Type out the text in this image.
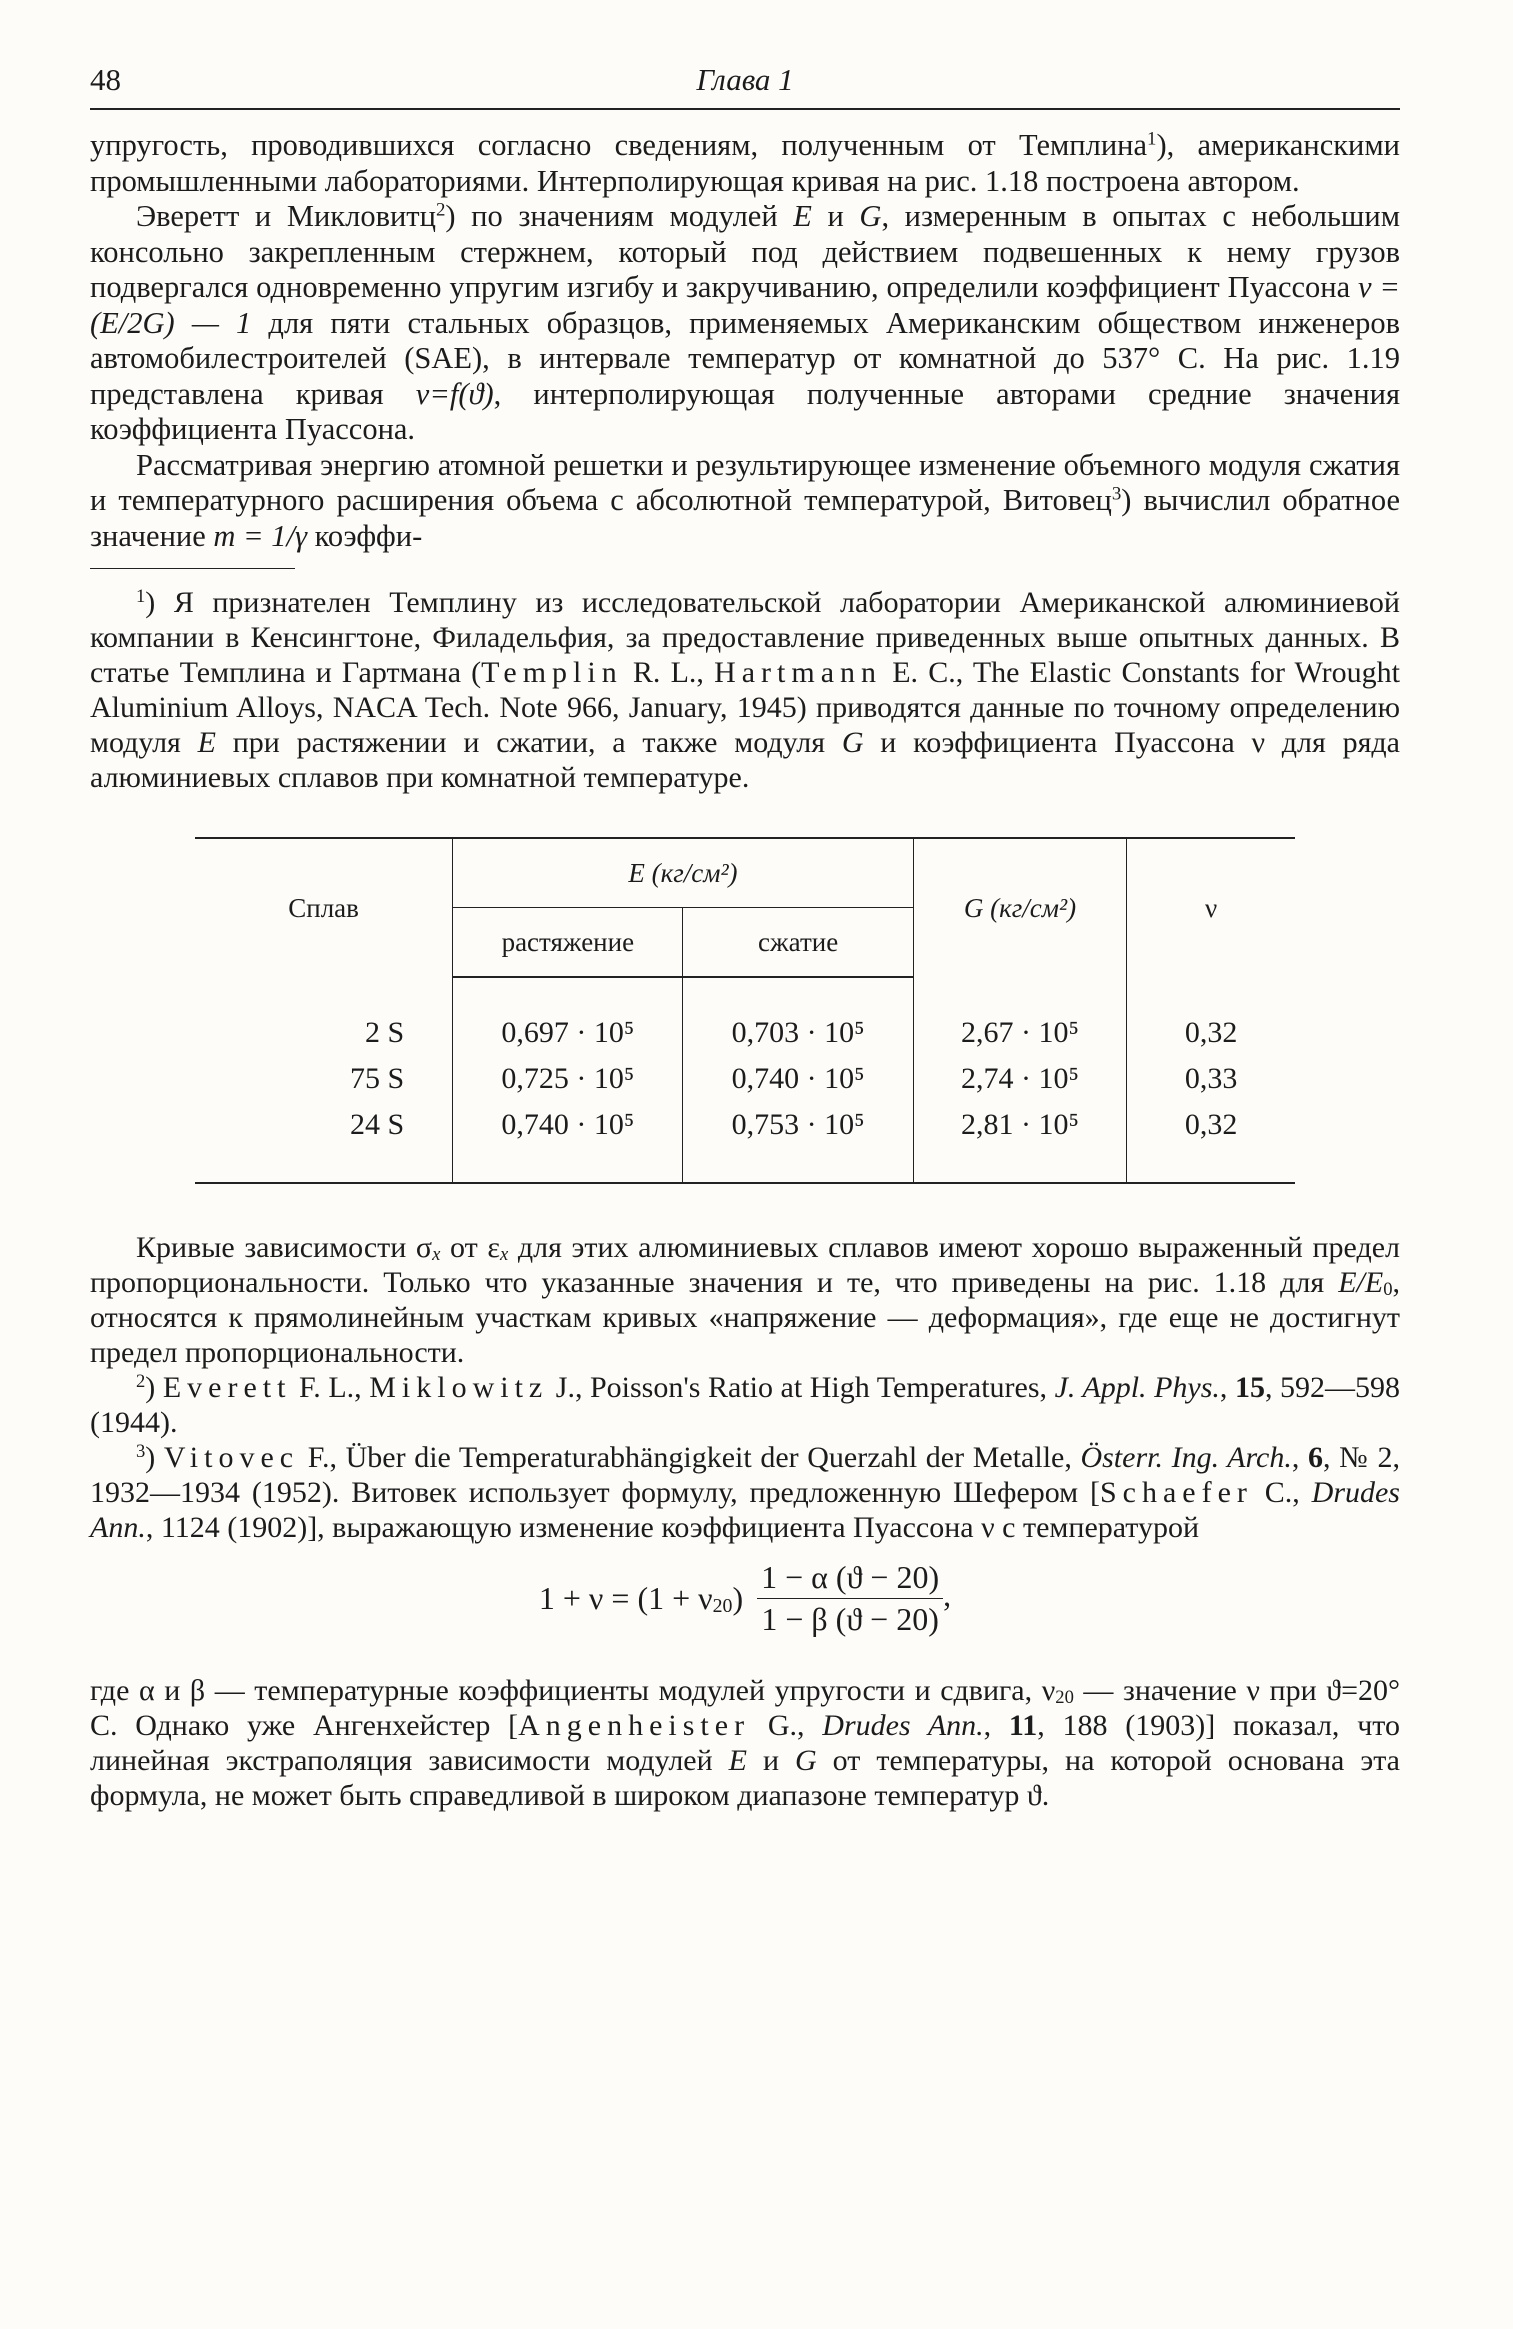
48	Глава 1

упругость, проводившихся согласно сведениям, полученным от Темплина$^1$), американскими промышленными лабораториями. Интерполирующая кривая на рис. 1.18 построена автором.

Эверетт и Микловитц$^2$) по значениям модулей E и G, измеренным в опытах с небольшим консольно закрепленным стержнем, который под действием подвешенных к нему грузов подвергался одновременно упругим изгибу и закручиванию, определили коэффициент Пуассона ν = (E/2G) — 1 для пяти стальных образцов, применяемых Американским обществом инженеров автомобилестроителей (SAE), в интервале температур от комнатной до 537° С. На рис. 1.19 представлена кривая ν=f(ϑ), интерполирующая полученные авторами средние значения коэффициента Пуассона.

Рассматривая энергию атомной решетки и результирующее изменение объемного модуля сжатия и температурного расширения объема с абсолютной температурой, Витовец$^3$) вычислил обратное значение m = 1/γ коэффи-

$^1$) Я признателен Темплину из исследовательской лаборатории Американской алюминиевой компании в Кенсингтоне, Филадельфия, за предоставление приведенных выше опытных данных. В статье Темплина и Гартмана (Templin R. L., Hartmann E. C., The Elastic Constants for Wrought Aluminium Alloys, NACA Tech. Note 966, January, 1945) приводятся данные по точному определению модуля E при растяжении и сжатии, а также модуля G и коэффициента Пуассона ν для ряда алюминиевых сплавов при комнатной температуре.

Сплав	E (кг/см²)		G (кг/см²)	ν
	растяжение	сжатие		
2 S	0,697 · 10⁵	0,703 · 10⁵	2,67 · 10⁵	0,32
75 S	0,725 · 10⁵	0,740 · 10⁵	2,74 · 10⁵	0,33
24 S	0,740 · 10⁵	0,753 · 10⁵	2,81 · 10⁵	0,32

Кривые зависимости $\sigma_x$ от $\varepsilon_x$ для этих алюминиевых сплавов имеют хорошо выраженный предел пропорциональности. Только что указанные значения и те, что приведены на рис. 1.18 для $E/E_0$, относятся к прямолинейным участкам кривых «напряжение — деформация», где еще не достигнут предел пропорциональности.

$^2$) Everett F. L., Miklowitz J., Poisson's Ratio at High Temperatures, J. Appl. Phys., 15, 592—598 (1944).

$^3$) Vitovec F., Über die Temperaturabhängigkeit der Querzahl der Metalle, Österr. Ing. Arch., 6, № 2, 1932—1934 (1952). Витовек использует формулу, предложенную Шефером [Schaefer C., Drudes Ann., 1124 (1902)], выражающую изменение коэффициента Пуассона ν с температурой

$1 + \nu = (1 + \nu_{20}) \frac{1 - \alpha (ϑ - 20)}{1 - \beta (ϑ - 20)}$ ,

где α и β — температурные коэффициенты модулей упругости и сдвига, $\nu_{20}$ — значение ν при ϑ=20° С. Однако уже Ангенхейстер [Angenheister G., Drudes Ann., 11, 188 (1903)] показал, что линейная экстраполяция зависимости модулей E и G от температуры, на которой основана эта формула, не может быть справедливой в широком диапазоне температур ϑ.
